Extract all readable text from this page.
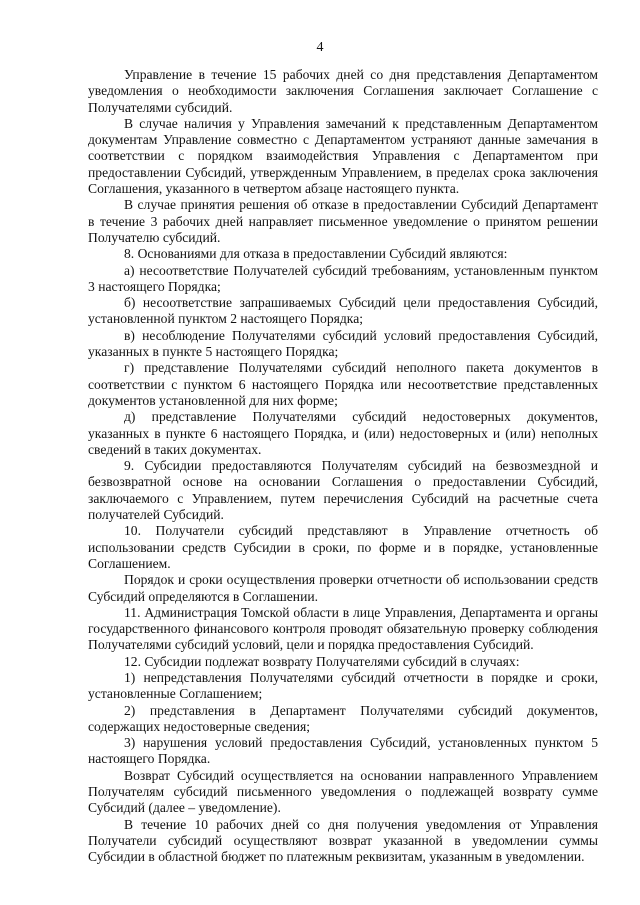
4

Управление в течение 15 рабочих дней со дня представления Департаментом уведомления о необходимости заключения Соглашения заключает Соглашение с Получателями субсидий.

В случае наличия у Управления замечаний к представленным Департаментом документам Управление совместно с Департаментом устраняют данные замечания в соответствии с порядком взаимодействия Управления с Департаментом при предоставлении Субсидий, утвержденным Управлением, в пределах срока заключения Соглашения, указанного в четвертом абзаце настоящего пункта.

В случае принятия решения об отказе в предоставлении Субсидий Департамент в течение 3 рабочих дней направляет письменное уведомление о принятом решении Получателю субсидий.

8. Основаниями для отказа в предоставлении Субсидий являются:

а) несоответствие Получателей субсидий требованиям, установленным пунктом 3 настоящего Порядка;

б) несоответствие запрашиваемых Субсидий цели предоставления Субсидий, установленной пунктом 2 настоящего Порядка;

в) несоблюдение Получателями субсидий условий предоставления Субсидий, указанных в пункте 5 настоящего Порядка;

г) представление Получателями субсидий неполного пакета документов в соответствии с пунктом 6 настоящего Порядка или несоответствие представленных документов установленной для них форме;

д) представление Получателями субсидий недостоверных документов, указанных в пункте 6 настоящего Порядка, и (или) недостоверных и (или) неполных сведений в таких документах.

9. Субсидии предоставляются Получателям субсидий на безвозмездной и безвозвратной основе на основании Соглашения о предоставлении Субсидий, заключаемого с Управлением, путем перечисления Субсидий на расчетные счета получателей Субсидий.

10. Получатели субсидий представляют в Управление отчетность об использовании средств Субсидии в сроки, по форме и в порядке, установленные Соглашением.

Порядок и сроки осуществления проверки отчетности об использовании средств Субсидий определяются в Соглашении.

11. Администрация Томской области в лице Управления, Департамента и органы государственного финансового контроля проводят обязательную проверку соблюдения Получателями субсидий условий, цели и порядка предоставления Субсидий.

12. Субсидии подлежат возврату Получателями субсидий в случаях:

1) непредставления Получателями субсидий отчетности в порядке и сроки, установленные Соглашением;

2) представления в Департамент Получателями субсидий документов, содержащих недостоверные сведения;

3) нарушения условий предоставления Субсидий, установленных пунктом 5 настоящего Порядка.

Возврат Субсидий осуществляется на основании направленного Управлением Получателям субсидий письменного уведомления о подлежащей возврату сумме Субсидий (далее – уведомление).

В течение 10 рабочих дней со дня получения уведомления от Управления Получатели субсидий осуществляют возврат указанной в уведомлении суммы Субсидии в областной бюджет по платежным реквизитам, указанным в уведомлении.
